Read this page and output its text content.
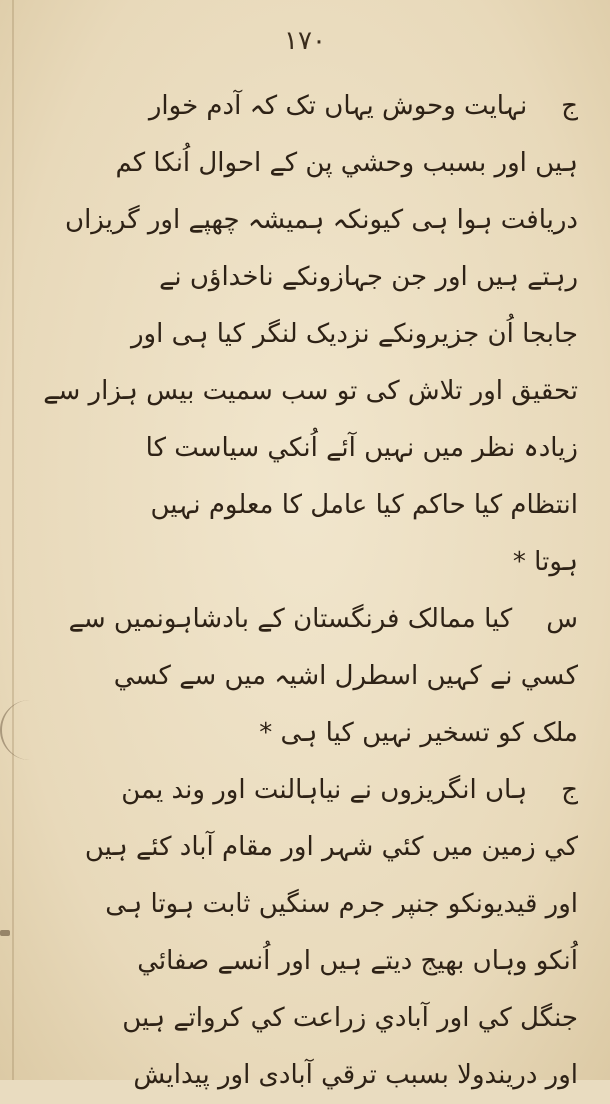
١٧٠
جنہایت وحوش یہاں تک کہ آدم خوار
ہیں اور بسبب وحشي پن کے احوال اُنکا کم
دریافت ہوا ہی کیونکہ ہمیشہ چھپے اور گریزاں
رہتے ہیں اور جن جہازونکے ناخداؤں نے
جابجا اُن جزیرونکے نزدیک لنگر کیا ہی اور
تحقیق اور تلاش کی تو سب سمیت بیس ہزار سے
زیادہ نظر میں نہیں آئے اُنکي سیاست کا
انتظام کیا حاکم کیا عامل کا معلوم نہیں
ہوتا *
سکیا ممالک فرنگستان کے بادشاہونمیں سے
کسي نے کہیں اسطرل اشیہ میں سے کسي
ملک کو تسخیر نہیں کیا ہی *
جہاں انگریزوں نے نیاہالنت اور وند یمن
کي زمین میں کئي شہر اور مقام آباد کئے ہیں
اور قیدیونکو جنپر جرم سنگیں ثابت ہوتا ہی
اُنکو وہاں بھیج دیتے ہیں اور اُنسے صفائي
جنگل کي اور آبادي زراعت کي کرواتے ہیں
اور دریندولا بسبب ترقي آبادی اور پیدایش
